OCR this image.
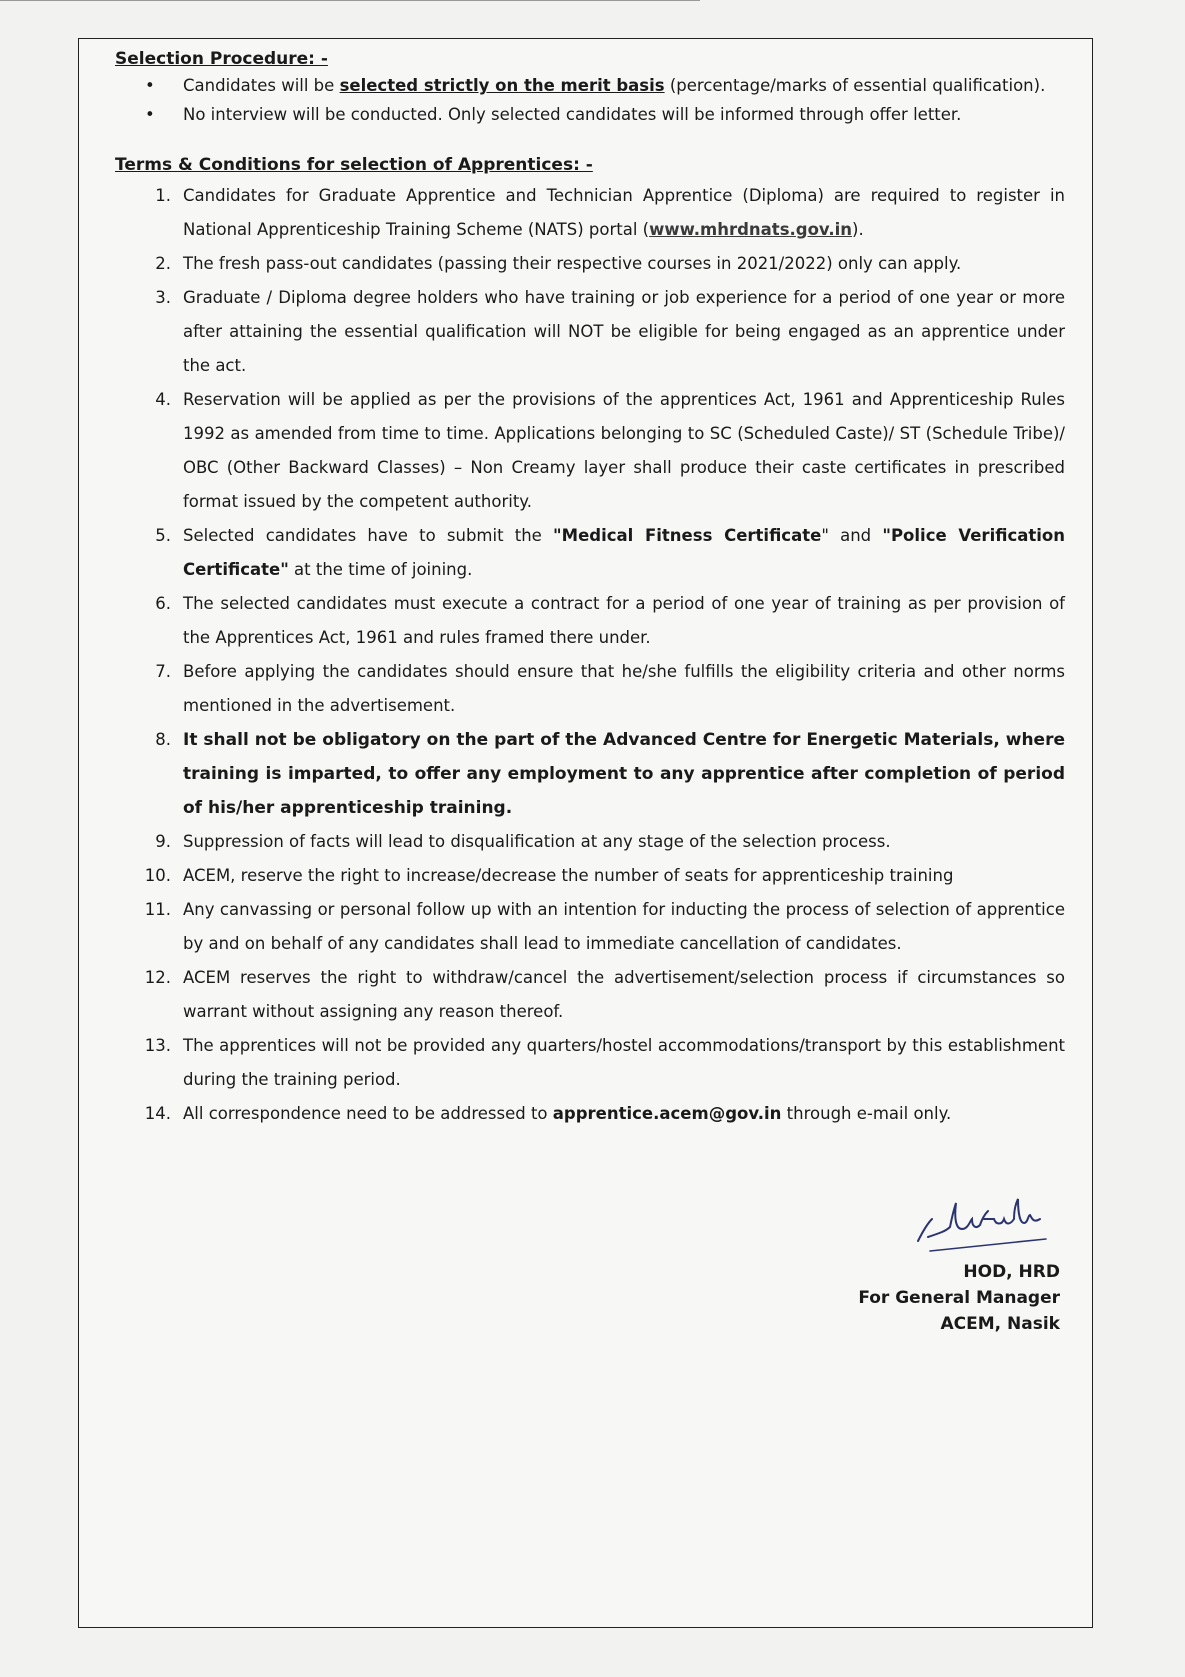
Selection Procedure: -

• Candidates will be selected strictly on the merit basis (percentage/marks of essential qualification).
• No interview will be conducted. Only selected candidates will be informed through offer letter.

Terms & Conditions for selection of Apprentices: -

1. Candidates for Graduate Apprentice and Technician Apprentice (Diploma) are required to register in National Apprenticeship Training Scheme (NATS) portal (www.mhrdnats.gov.in).
2. The fresh pass-out candidates (passing their respective courses in 2021/2022) only can apply.
3. Graduate / Diploma degree holders who have training or job experience for a period of one year or more after attaining the essential qualification will NOT be eligible for being engaged as an apprentice under the act.
4. Reservation will be applied as per the provisions of the apprentices Act, 1961 and Apprenticeship Rules 1992 as amended from time to time. Applications belonging to SC (Scheduled Caste)/ ST (Schedule Tribe)/ OBC (Other Backward Classes) – Non Creamy layer shall produce their caste certificates in prescribed format issued by the competent authority.
5. Selected candidates have to submit the "Medical Fitness Certificate" and "Police Verification Certificate" at the time of joining.
6. The selected candidates must execute a contract for a period of one year of training as per provision of the Apprentices Act, 1961 and rules framed there under.
7. Before applying the candidates should ensure that he/she fulfills the eligibility criteria and other norms mentioned in the advertisement.
8. It shall not be obligatory on the part of the Advanced Centre for Energetic Materials, where training is imparted, to offer any employment to any apprentice after completion of period of his/her apprenticeship training.
9. Suppression of facts will lead to disqualification at any stage of the selection process.
10. ACEM, reserve the right to increase/decrease the number of seats for apprenticeship training
11. Any canvassing or personal follow up with an intention for inducting the process of selection of apprentice by and on behalf of any candidates shall lead to immediate cancellation of candidates.
12. ACEM reserves the right to withdraw/cancel the advertisement/selection process if circumstances so warrant without assigning any reason thereof.
13. The apprentices will not be provided any quarters/hostel accommodations/transport by this establishment during the training period.
14. All correspondence need to be addressed to apprentice.acem@gov.in through e-mail only.
HOD, HRD
For General Manager
ACEM, Nasik
